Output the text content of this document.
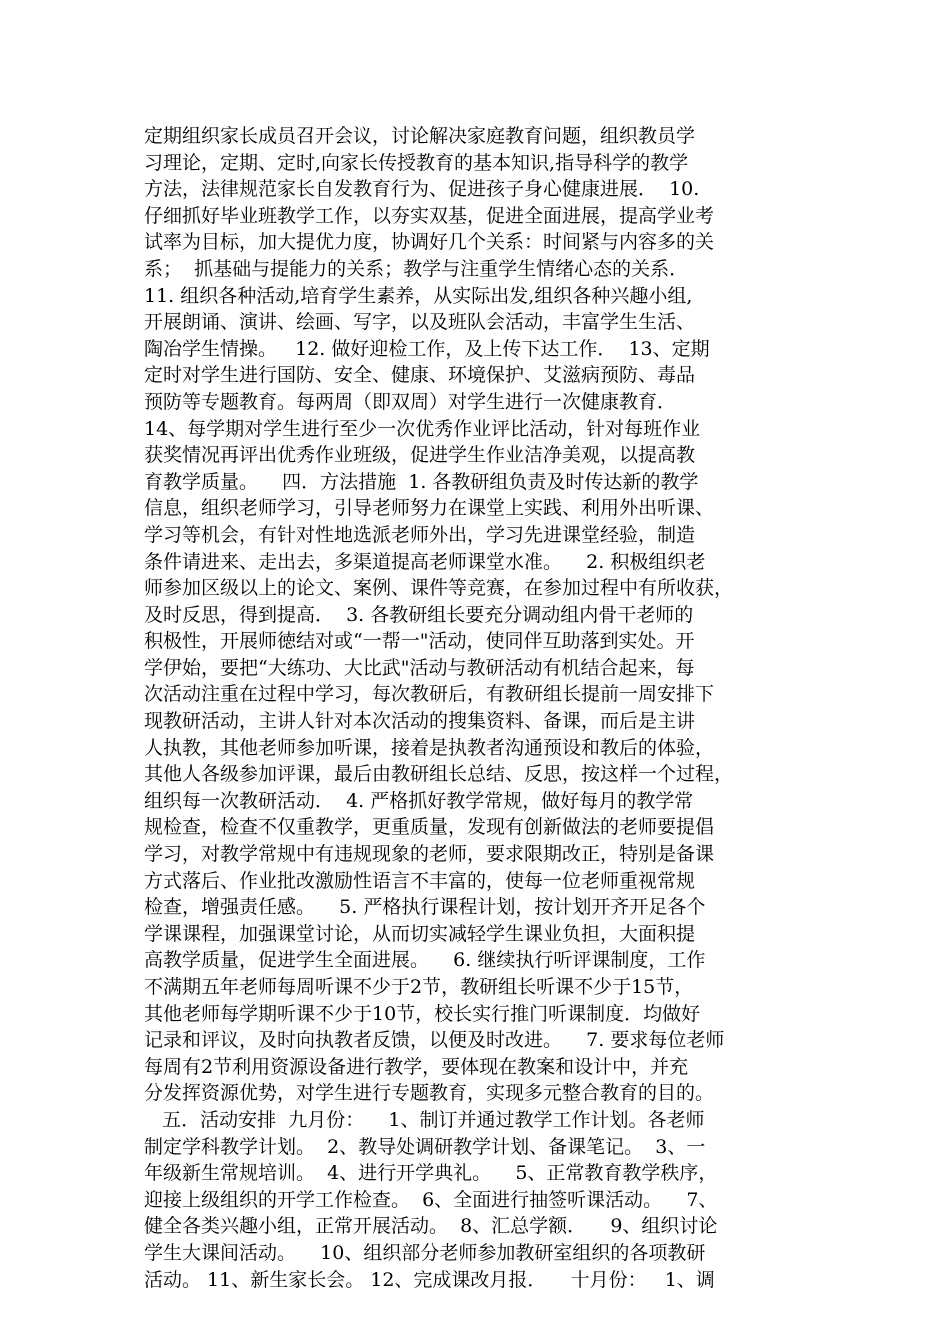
定期组织家长成员召开会议，讨论解决家庭教育问题，组织教员学
习理论，定期、定时,向家长传授教育的基本知识,指导科学的教学
方法，法律规范家长自发教育行为、促进孩子身心健康进展．  10.
仔细抓好毕业班教学工作，以夯实双基，促进全面进展，提高学业考
试率为目标，加大提优力度，协调好几个关系：时间紧与内容多的关
系；  抓基础与提能力的关系；教学与注重学生情绪心态的关系．
11. 组织各种活动,培育学生素养，从实际出发,组织各种兴趣小组,
开展朗诵、演讲、绘画、写字，以及班队会活动，丰富学生生活、
陶冶学生情操。   12. 做好迎检工作，及上传下达工作．  13、定期
定时对学生进行国防、安全、健康、环境保护、艾滋病预防、毒品
预防等专题教育。每两周（即双周）对学生进行一次健康教育．
14、每学期对学生进行至少一次优秀作业评比活动，针对每班作业
获奖情况再评出优秀作业班级，促进学生作业洁净美观，以提高教
育教学质量。    四．方法措施  1. 各教研组负责及时传达新的教学
信息，组织老师学习，引导老师努力在课堂上实践、利用外出听课、
学习等机会，有针对性地选派老师外出，学习先进课堂经验，制造
条件请进来、走出去，多渠道提高老师课堂水准。    2. 积极组织老
师参加区级以上的论文、案例、课件等竞赛，在参加过程中有所收获，
及时反思，得到提高．  3. 各教研组长要充分调动组内骨干老师的
积极性，开展师徳结对或“一帮一"活动，使同伴互助落到实处。开
学伊始，要把“大练功、大比武"活动与教研活动有机结合起来，每
次活动注重在过程中学习，每次教研后，有教研组长提前一周安排下
现教研活动，主讲人针对本次活动的搜集资料、备课，而后是主讲
人执教，其他老师参加听课，接着是执教者沟通预设和教后的体验，
其他人各级参加评课，最后由教研组长总结、反思，按这样一个过程，
组织每一次教研活动．  4. 严格抓好教学常规，做好每月的教学常
规检查，检查不仅重教学，更重质量，发现有创新做法的老师要提倡
学习，对教学常规中有违规现象的老师，要求限期改正，特别是备课
方式落后、作业批改激励性语言不丰富的，使每一位老师重视常规
检查，增强责任感。    5. 严格执行课程计划，按计划开齐开足各个
学课课程，加强课堂讨论，从而切实减轻学生课业负担，大面积提
高教学质量，促进学生全面进展。    6. 继续执行听评课制度，工作
不满期五年老师每周听课不少于2节，教研组长听课不少于15节，
其他老师每学期听课不少于10节，校长实行推门听课制度．均做好
记录和评议，及时向执教者反馈，以便及时改进。    7. 要求每位老师
每周有2节利用资源设备进行教学，要体现在教案和设计中，并充
分发挥资源优势，对学生进行专题教育，实现多元整合教育的目的。
五．活动安排  九月份：    1、制订并通过教学工作计划。各老师
制定学科教学计划。  2、教导处调研教学计划、备课笔记。  3、一
年级新生常规培训。  4、进行开学典礼。    5、正常教育教学秩序，
迎接上级组织的开学工作检查。  6、全面进行抽签听课活动。    7、
健全各类兴趣小组，正常开展活动。  8、汇总学额．    9、组织讨论
学生大课间活动。    10、组织部分老师参加教研室组织的各项教研
活动。 11、新生家长会。 12、完成课改月报．    十月份：   1、调
